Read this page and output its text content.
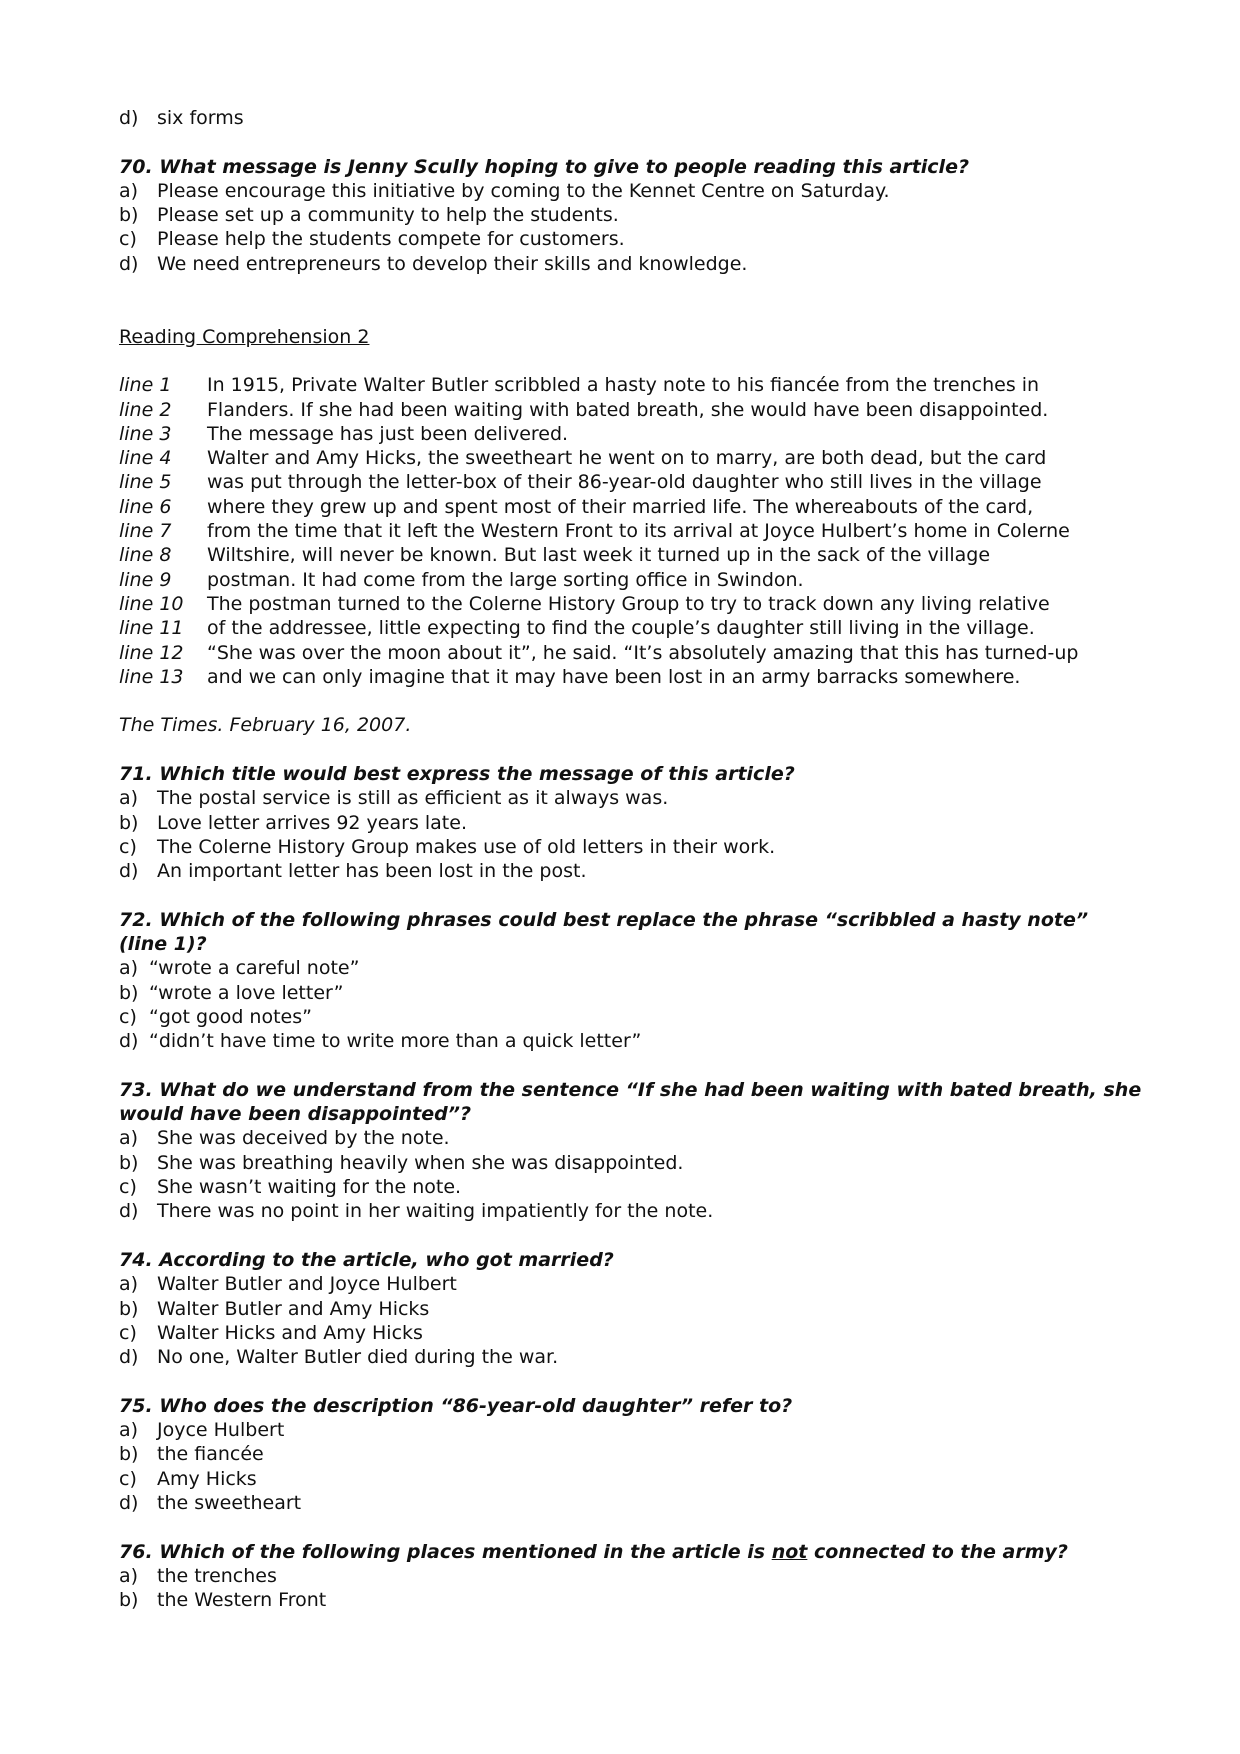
d) six forms
70. What message is Jenny Scully hoping to give to people reading this article?
a) Please encourage this initiative by coming to the Kennet Centre on Saturday.
b) Please set up a community to help the students.
c) Please help the students compete for customers.
d) We need entrepreneurs to develop their skills and knowledge.
Reading Comprehension 2
line 1 In 1915, Private Walter Butler scribbled a hasty note to his fiancée from the trenches in
line 2 Flanders. If she had been waiting with bated breath, she would have been disappointed.
line 3 The message has just been delivered.
line 4 Walter and Amy Hicks, the sweetheart he went on to marry, are both dead, but the card
line 5 was put through the letter-box of their 86-year-old daughter who still lives in the village
line 6 where they grew up and spent most of their married life. The whereabouts of the card,
line 7 from the time that it left the Western Front to its arrival at Joyce Hulbert’s home in Colerne
line 8 Wiltshire, will never be known. But last week it turned up in the sack of the village
line 9 postman. It had come from the large sorting office in Swindon.
line 10 The postman turned to the Colerne History Group to try to track down any living relative
line 11 of the addressee, little expecting to find the couple’s daughter still living in the village.
line 12 “She was over the moon about it”, he said. “It’s absolutely amazing that this has turned-up
line 13 and we can only imagine that it may have been lost in an army barracks somewhere.
The Times. February 16, 2007.
71. Which title would best express the message of this article?
a) The postal service is still as efficient as it always was.
b) Love letter arrives 92 years late.
c) The Colerne History Group makes use of old letters in their work.
d) An important letter has been lost in the post.
72. Which of the following phrases could best replace the phrase “scribbled a hasty note”
(line 1)?
a) “wrote a careful note”
b) “wrote a love letter”
c) “got good notes”
d) “didn’t have time to write more than a quick letter”
73. What do we understand from the sentence “If she had been waiting with bated breath, she
would have been disappointed”?
a) She was deceived by the note.
b) She was breathing heavily when she was disappointed.
c) She wasn’t waiting for the note.
d) There was no point in her waiting impatiently for the note.
74. According to the article, who got married?
a) Walter Butler and Joyce Hulbert
b) Walter Butler and Amy Hicks
c) Walter Hicks and Amy Hicks
d) No one, Walter Butler died during the war.
75. Who does the description “86-year-old daughter” refer to?
a) Joyce Hulbert
b) the fiancée
c) Amy Hicks
d) the sweetheart
76. Which of the following places mentioned in the article is not connected to the army?
a) the trenches
b) the Western Front
